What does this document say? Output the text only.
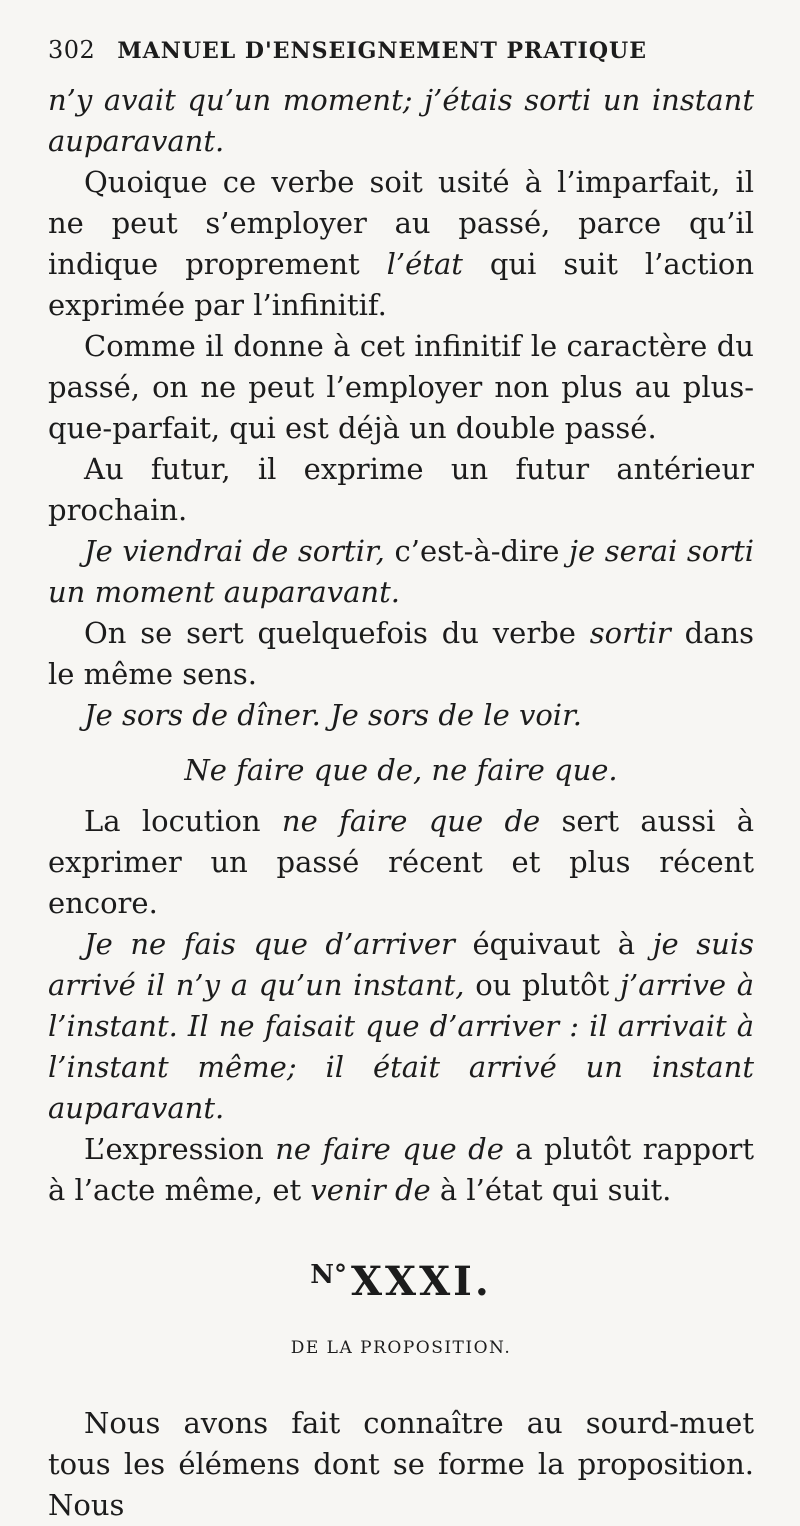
302 MANUEL D'ENSEIGNEMENT PRATIQUE

n’y avait qu’un moment; j’étais sorti un instant auparavant.

Quoique ce verbe soit usité à l’imparfait, il ne peut s’employer au passé, parce qu’il indique proprement l’état qui suit l’action exprimée par l’infinitif.

Comme il donne à cet infinitif le caractère du passé, on ne peut l’employer non plus au plus-que-parfait, qui est déjà un double passé.

Au futur, il exprime un futur antérieur prochain.

Je viendrai de sortir, c’est-à-dire je serai sorti un moment auparavant.

On se sert quelquefois du verbe sortir dans le même sens.

Je sors de dîner. Je sors de le voir.

Ne faire que de, ne faire que.

La locution ne faire que de sert aussi à exprimer un passé récent et plus récent encore.

Je ne fais que d’arriver équivaut à je suis arrivé il n’y a qu’un instant, ou plutôt j’arrive à l’instant. Il ne faisait que d’arriver : il arrivait à l’instant même; il était arrivé un instant auparavant.

L’expression ne faire que de a plutôt rapport à l’acte même, et venir de à l’état qui suit.

$^{N^\circ}$ XXXI.
DE LA PROPOSITION.

Nous avons fait connaître au sourd-muet tous les élémens dont se forme la proposition. Nous
